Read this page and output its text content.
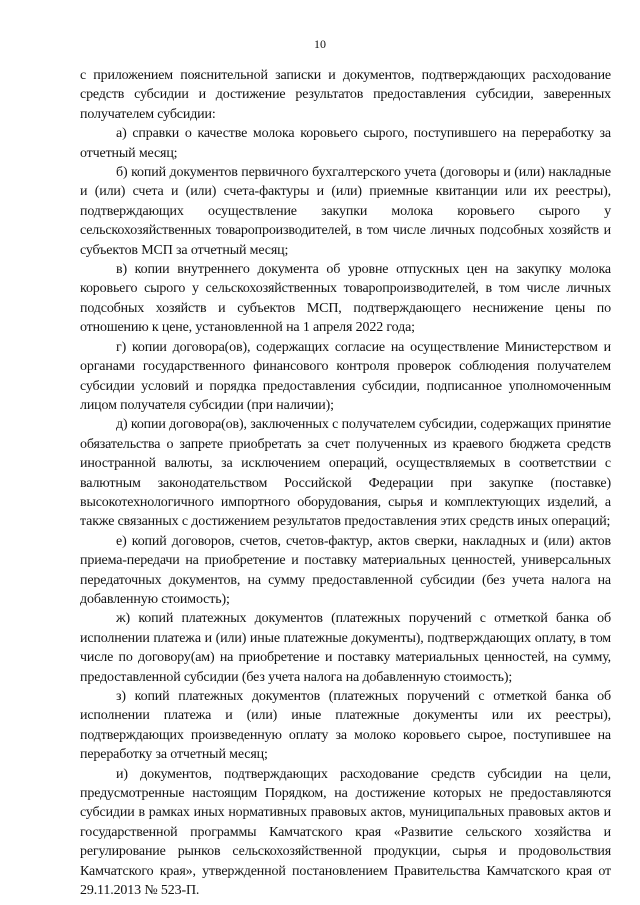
10

с приложением пояснительной записки и документов, подтверждающих расходование средств субсидии и достижение результатов предоставления субсидии, заверенных получателем субсидии:

а) справки о качестве молока коровьего сырого, поступившего на переработку за отчетный месяц;

б) копий документов первичного бухгалтерского учета (договоры и (или) накладные и (или) счета и (или) счета-фактуры и (или) приемные квитанции или их реестры), подтверждающих осуществление закупки молока коровьего сырого у сельскохозяйственных товаропроизводителей, в том числе личных подсобных хозяйств и субъектов МСП за отчетный месяц;

в) копии внутреннего документа об уровне отпускных цен на закупку молока коровьего сырого у сельскохозяйственных товаропроизводителей, в том числе личных подсобных хозяйств и субъектов МСП, подтверждающего неснижение цены по отношению к цене, установленной на 1 апреля 2022 года;

г) копии договора(ов), содержащих согласие на осуществление Министерством и органами государственного финансового контроля проверок соблюдения получателем субсидии условий и порядка предоставления субсидии, подписанное уполномоченным лицом получателя субсидии (при наличии);

д) копии договора(ов), заключенных с получателем субсидии, содержащих принятие обязательства о запрете приобретать за счет полученных из краевого бюджета средств иностранной валюты, за исключением операций, осуществляемых в соответствии с валютным законодательством Российской Федерации при закупке (поставке) высокотехнологичного импортного оборудования, сырья и комплектующих изделий, а также связанных с достижением результатов предоставления этих средств иных операций;

е) копий договоров, счетов, счетов-фактур, актов сверки, накладных и (или) актов приема-передачи на приобретение и поставку материальных ценностей, универсальных передаточных документов, на сумму предоставленной субсидии (без учета налога на добавленную стоимость);

ж) копий платежных документов (платежных поручений с отметкой банка об исполнении платежа и (или) иные платежные документы), подтверждающих оплату, в том числе по договору(ам) на приобретение и поставку материальных ценностей, на сумму, предоставленной субсидии (без учета налога на добавленную стоимость);

з) копий платежных документов (платежных поручений с отметкой банка об исполнении платежа и (или) иные платежные документы или их реестры), подтверждающих произведенную оплату за молоко коровьего сырое, поступившее на переработку за отчетный месяц;

и) документов, подтверждающих расходование средств субсидии на цели, предусмотренные настоящим Порядком, на достижение которых не предоставляются субсидии в рамках иных нормативных правовых актов, муниципальных правовых актов и государственной программы Камчатского края «Развитие сельского хозяйства и регулирование рынков сельскохозяйственной продукции, сырья и продовольствия Камчатского края», утвержденной постановлением Правительства Камчатского края от 29.11.2013 № 523-П.
